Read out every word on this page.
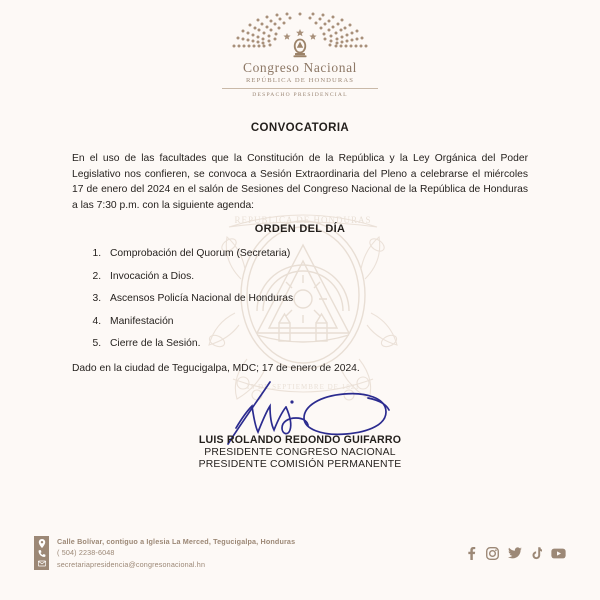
REPUBLICA DE HONDURAS
15 DE SEPTIEMBRE DE 1821
Congreso Nacional
REPÚBLICA DE HONDURAS
DESPACHO PRESIDENCIAL
CONVOCATORIA
En el uso de las facultades que la Constitución de la República y la Ley Orgánica del Poder Legislativo nos confieren, se convoca a Sesión Extraordinaria del Pleno a celebrarse el miércoles 17 de enero del 2024 en el salón de Sesiones del Congreso Nacional de la República de Honduras a las 7:30 p.m. con la siguiente agenda:
ORDEN DEL DÍA
1. Comprobación del Quorum (Secretaria)
2. Invocación a Dios.
3. Ascensos Policía Nacional de Honduras
4. Manifestación
5. Cierre de la Sesión.
Dado en la ciudad de Tegucigalpa, MDC; 17 de enero de 2024.
LUIS ROLANDO REDONDO GUIFARRO
PRESIDENTE CONGRESO NACIONAL
PRESIDENTE COMISIÓN PERMANENTE
Calle Bolívar, contiguo a Iglesia La Merced, Tegucigalpa, Honduras
( 504) 2238-6048
secretariapresidencia@congresonacional.hn
